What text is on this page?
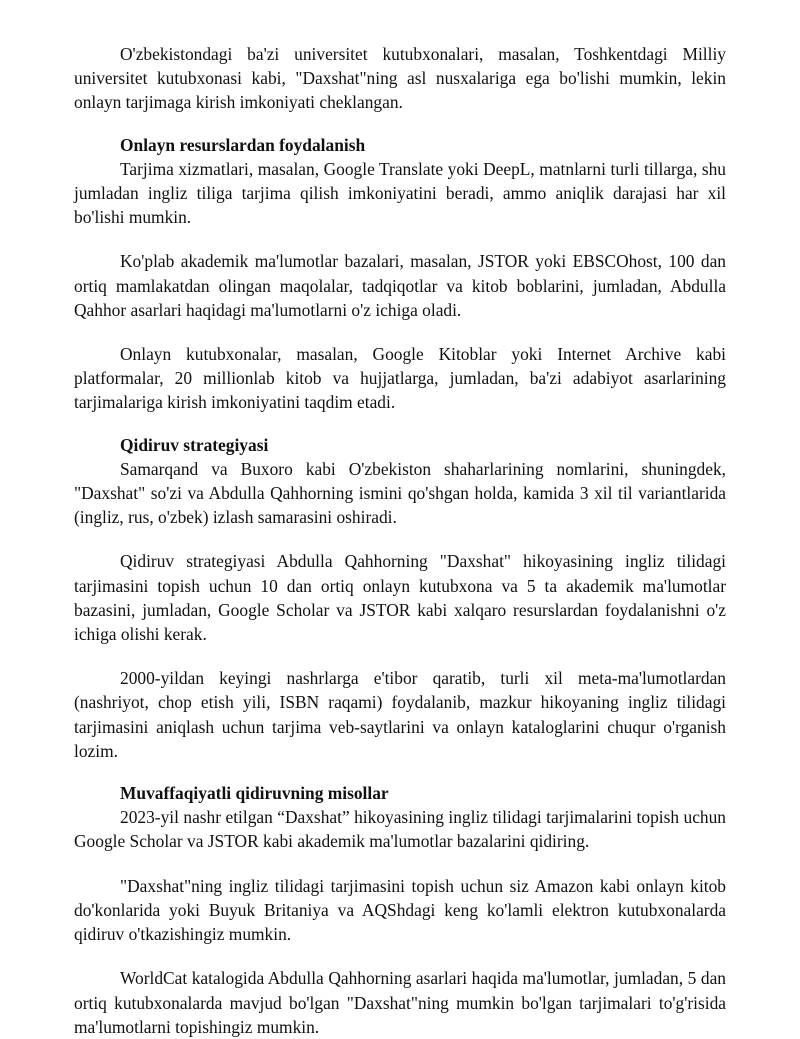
O'zbekistondagi ba'zi universitet kutubxonalari, masalan, Toshkentdagi Milliy universitet kutubxonasi kabi, "Daxshat"ning asl nusxalariga ega bo'lishi mumkin, lekin onlayn tarjimaga kirish imkoniyati cheklangan.

Onlayn resurslardan foydalanish

Tarjima xizmatlari, masalan, Google Translate yoki DeepL, matnlarni turli tillarga, shu jumladan ingliz tiliga tarjima qilish imkoniyatini beradi, ammo aniqlik darajasi har xil bo'lishi mumkin.

Ko'plab akademik ma'lumotlar bazalari, masalan, JSTOR yoki EBSCOhost, 100 dan ortiq mamlakatdan olingan maqolalar, tadqiqotlar va kitob boblarini, jumladan, Abdulla Qahhor asarlari haqidagi ma'lumotlarni o'z ichiga oladi.

Onlayn kutubxonalar, masalan, Google Kitoblar yoki Internet Archive kabi platformalar, 20 millionlab kitob va hujjatlarga, jumladan, ba'zi adabiyot asarlarining tarjimalariga kirish imkoniyatini taqdim etadi.

Qidiruv strategiyasi

Samarqand va Buxoro kabi O'zbekiston shaharlarining nomlarini, shuningdek, "Daxshat" so'zi va Abdulla Qahhorning ismini qo'shgan holda, kamida 3 xil til variantlarida (ingliz, rus, o'zbek) izlash samarasini oshiradi.

Qidiruv strategiyasi Abdulla Qahhorning "Daxshat" hikoyasining ingliz tilidagi tarjimasini topish uchun 10 dan ortiq onlayn kutubxona va 5 ta akademik ma'lumotlar bazasini, jumladan, Google Scholar va JSTOR kabi xalqaro resurslardan foydalanishni o'z ichiga olishi kerak.

2000-yildan keyingi nashrlarga e'tibor qaratib, turli xil meta-ma'lumotlardan (nashriyot, chop etish yili, ISBN raqami) foydalanib, mazkur hikoyaning ingliz tilidagi tarjimasini aniqlash uchun tarjima veb-saytlarini va onlayn kataloglarini chuqur o'rganish lozim.

Muvaffaqiyatli qidiruvning misollar

2023-yil nashr etilgan “Daxshat” hikoyasining ingliz tilidagi tarjimalarini topish uchun Google Scholar va JSTOR kabi akademik ma'lumotlar bazalarini qidiring.

"Daxshat"ning ingliz tilidagi tarjimasini topish uchun siz Amazon kabi onlayn kitob do'konlarida yoki Buyuk Britaniya va AQShdagi keng ko'lamli elektron kutubxonalarda qidiruv o'tkazishingiz mumkin.

WorldCat katalogida Abdulla Qahhorning asarlari haqida ma'lumotlar, jumladan, 5 dan ortiq kutubxonalarda mavjud bo'lgan "Daxshat"ning mumkin bo'lgan tarjimalari to'g'risida ma'lumotlarni topishingiz mumkin.
